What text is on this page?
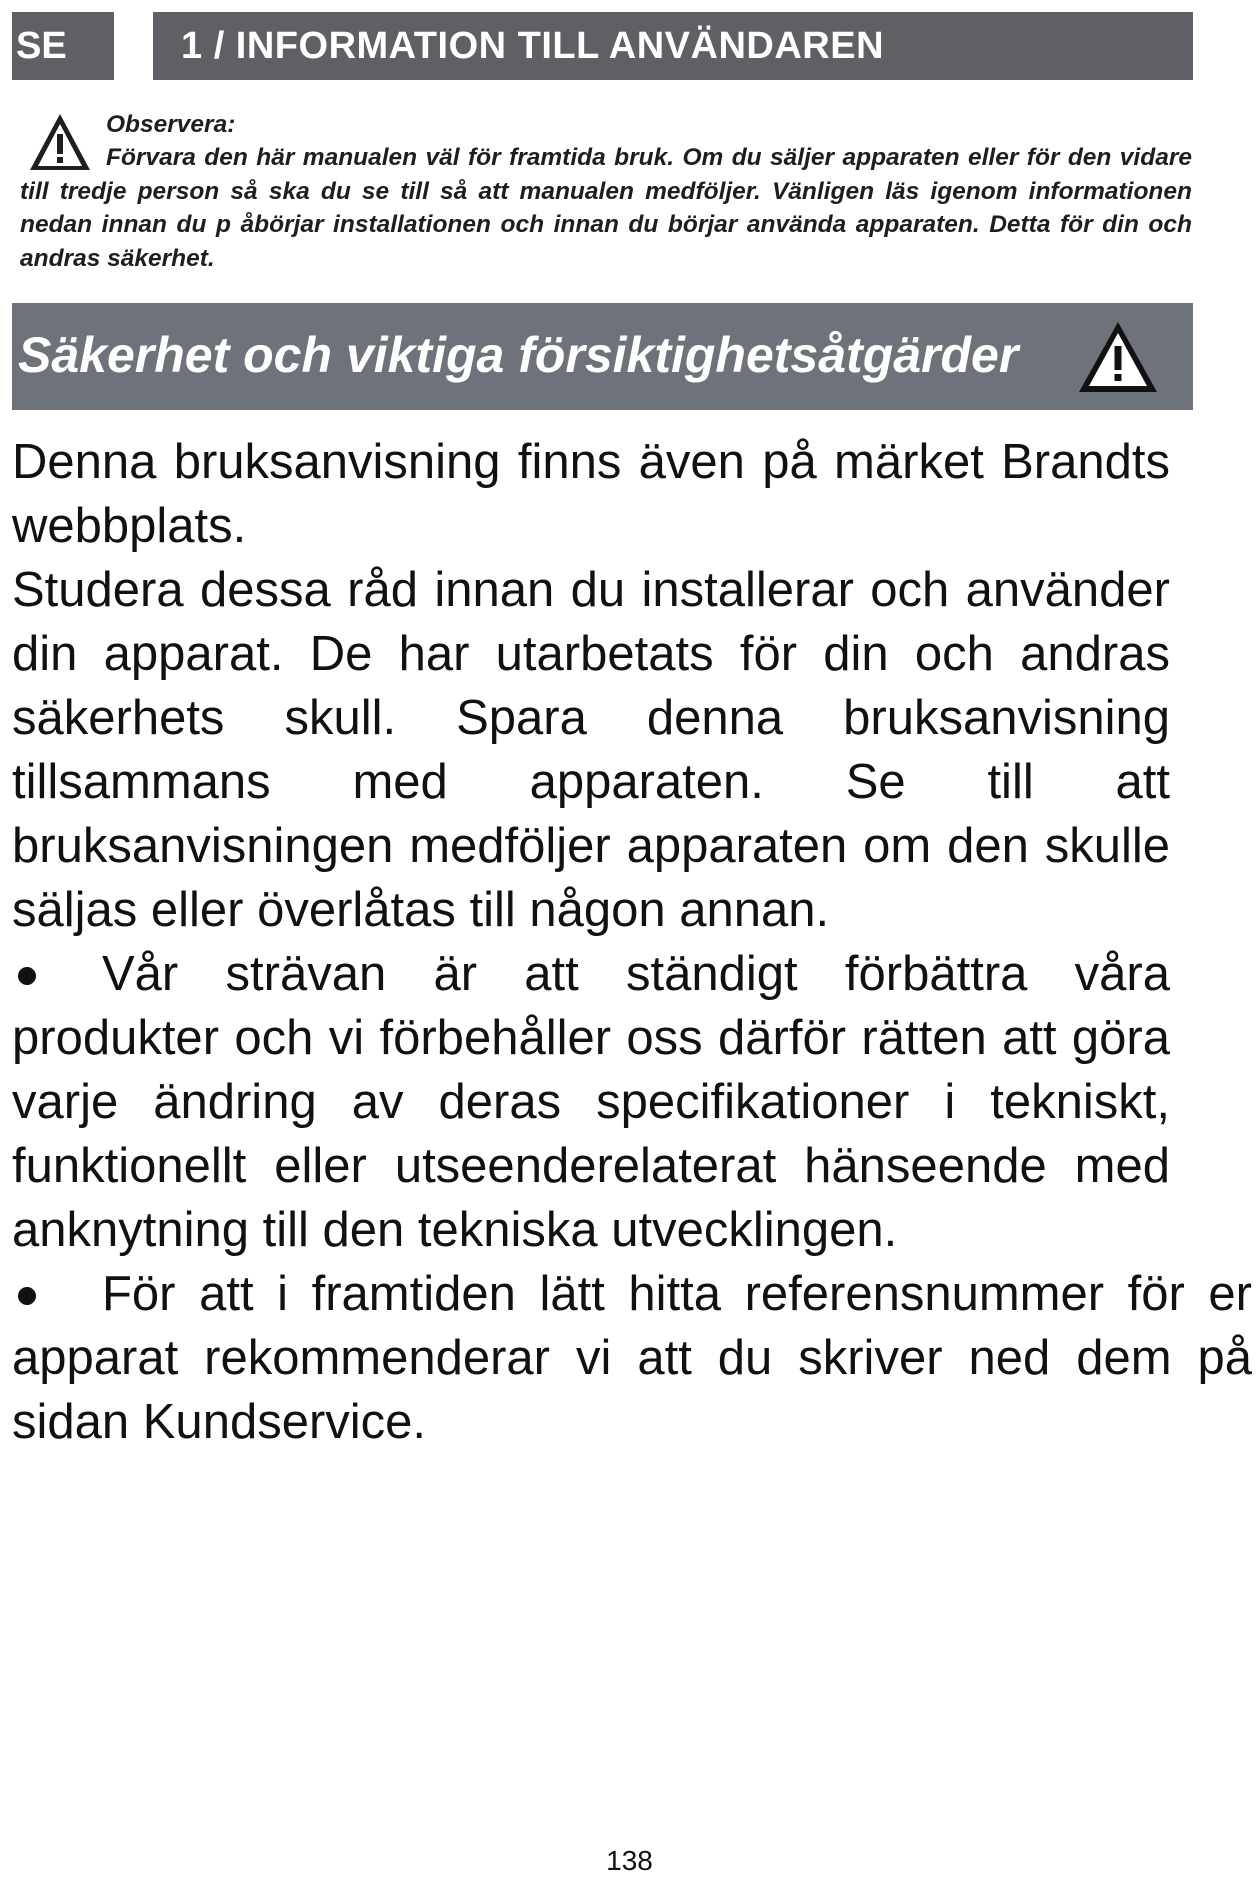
SE	1 / INFORMATION TILL ANVÄNDAREN

Observera:

Förvara den här manualen väl för framtida bruk. Om du säljer apparaten eller för den vidare till tredje person så ska du se till så att manualen medföljer. Vänligen läs igenom informationen nedan innan du p åbörjar installationen och innan du börjar använda apparaten. Detta för din och andras säkerhet.

Säkerhet och viktiga försiktighetsåtgärder

Denna bruksanvisning finns även på märket Brandts webbplats.

Studera dessa råd innan du installerar och använder din apparat. De har utarbetats för din och andras säkerhets skull. Spara denna bruksanvisning tillsammans med apparaten. Se till att bruksanvisningen medföljer apparaten om den skulle säljas eller överlåtas till någon annan.

Vår strävan är att ständigt förbättra våra produkter och vi förbehåller oss därför rätten att göra varje ändring av deras specifikationer i tekniskt, funktionellt eller utseenderelaterat hänseende med anknytning till den tekniska utvecklingen.

För att i framtiden lätt hitta referensnummer för er apparat rekommenderar vi att du skriver ned dem på sidan Kundservice.

138
